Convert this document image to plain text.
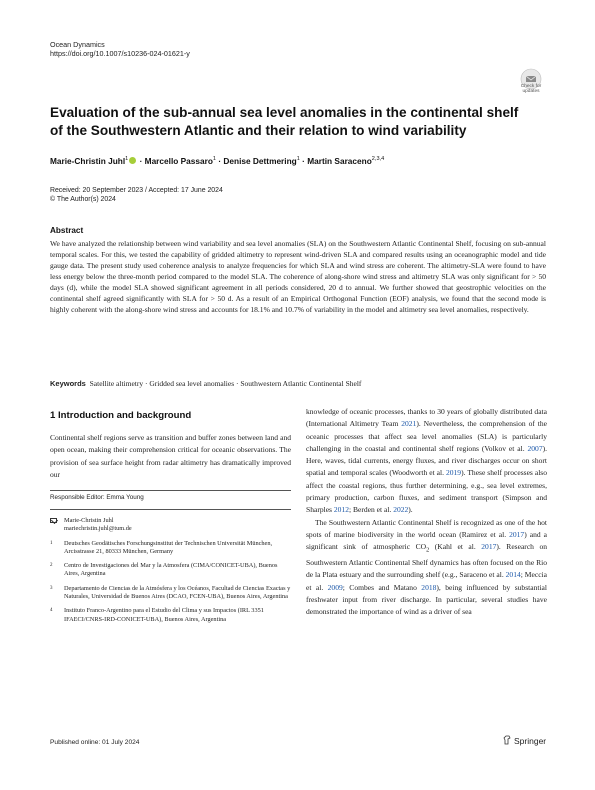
Ocean Dynamics
https://doi.org/10.1007/s10236-024-01621-y
Check for
updates
Evaluation of the sub-annual sea level anomalies in the continental shelf of the Southwestern Atlantic and their relation to wind variability
Marie-Christin Juhl$^1$ · Marcello Passaro$^1$ · Denise Dettmering$^1$ · Martin Saraceno$^{2,3,4}$
Received: 20 September 2023 / Accepted: 17 June 2024
© The Author(s) 2024
Abstract
We have analyzed the relationship between wind variability and sea level anomalies (SLA) on the Southwestern Atlantic Continental Shelf, focusing on sub-annual temporal scales. For this, we tested the capability of gridded altimetry to represent wind-driven SLA and compared results using an oceanographic model and tide gauge data. The present study used coherence analysis to analyze frequencies for which SLA and wind stress are coherent. The altimetry-SLA were found to have less energy below the three-month period compared to the model SLA. The coherence of along-shore wind stress and altimetry SLA was only significant for > 50 days (d), while the model SLA showed significant agreement in all periods considered, 20 d to annual. We further showed that geostrophic velocities on the continental shelf agreed significantly with SLA for > 50 d. As a result of an Empirical Orthogonal Function (EOF) analysis, we found that the second mode is highly coherent with the along-shore wind stress and accounts for 18.1% and 10.7% of variability in the model and altimetry sea level anomalies, respectively.
Keywords Satellite altimetry · Gridded sea level anomalies · Southwestern Atlantic Continental Shelf
1 Introduction and background

Continental shelf regions serve as transition and buffer zones between land and open ocean, making their comprehension critical for oceanic observations. The provision of sea surface height from radar altimetry has dramatically improved our

Responsible Editor: Emma Young
Marie-Christin Juhl
mariechristin.juhl@tum.de
1 Deutsches Geodätisches Forschungsinstitut der Technischen Universität München, Arcisstrasse 21, 80333 München, Germany
2 Centro de Investigaciones del Mar y la Atmosfera (CIMA/CONICET-UBA), Buenos Aires, Argentina
3 Departamento de Ciencias de la Atmósfera y los Océanos, Facultad de Ciencias Exactas y Naturales, Universidad de Buenos Aires (DCAO, FCEN-UBA), Buenos Aires, Argentina
4 Instituto Franco-Argentino para el Estudio del Clima y sus Impactos (IRL 3351 IFAECI/CNRS-IRD-CONICET-UBA), Buenos Aires, Argentina

knowledge of oceanic processes, thanks to 30 years of globally distributed data (International Altimetry Team 2021). Nevertheless, the comprehension of the oceanic processes that affect sea level anomalies (SLA) is particularly challenging in the coastal and continental shelf regions (Volkov et al. 2007). Here, waves, tidal currents, energy fluxes, and river discharges occur on short spatial and temporal scales (Woodworth et al. 2019). These shelf processes also affect the coastal regions, thus further determining, e.g., sea level extremes, primary production, carbon fluxes, and sediment transport (Simpson and Sharples 2012; Berden et al. 2022).

The Southwestern Atlantic Continental Shelf is recognized as one of the hot spots of marine biodiversity in the world ocean (Ramirez et al. 2017) and a significant sink of atmospheric $CO_2$ (Kahl et al. 2017). Research on Southwestern Atlantic Continental Shelf dynamics has often focused on the Rio de la Plata estuary and the surrounding shelf (e.g., Saraceno et al. 2014; Meccia et al. 2009; Combes and Matano 2018), being influenced by substantial freshwater input from river discharge. In particular, several studies have demonstrated the importance of wind as a driver of sea

Published online: 01 July 2024	Springer
